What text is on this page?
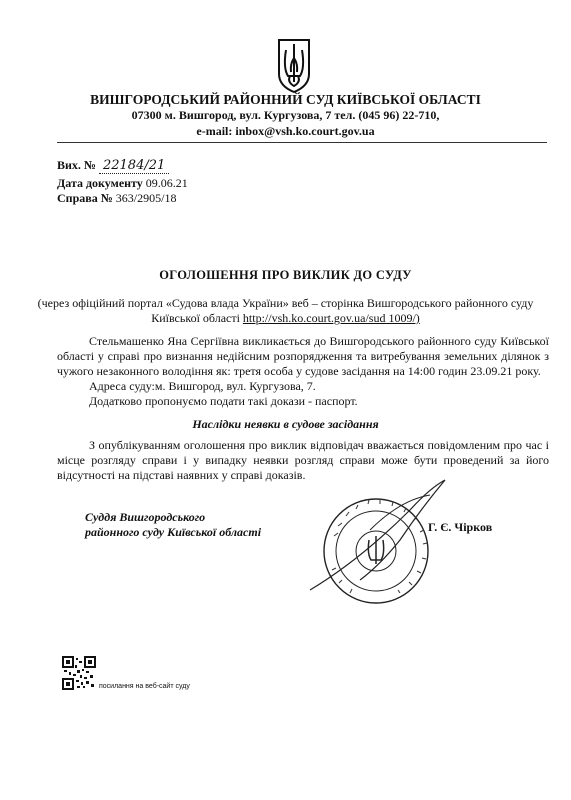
ВИШГОРОДСЬКИЙ РАЙОННИЙ СУД КИЇВСЬКОЇ ОБЛАСТІ
07300 м. Вишгород, вул. Кургузова, 7 тел. (045 96) 22-710,
e-mail: inbox@vsh.ko.court.gov.ua
Вих. № 22184/21
Дата документу 09.06.21
Справа № 363/2905/18
ОГОЛОШЕННЯ ПРО ВИКЛИК ДО СУДУ
(через офіційний портал «Судова влада України» веб – сторінка Вишгородського районного суду
Київської області http://vsh.ko.court.gov.ua/sud 1009/)

Стельмашенко Яна Сергіївна викликається до Вишгородського районного суду Київської області у справі про визнання недійсним розпорядження та витребування земельних ділянок з чужого незаконного володіння як: третя особа у судове засідання на 14:00 годин 23.09.21 року.

Адреса суду:м. Вишгород, вул. Кургузова, 7.

Додатково пропонуємо подати такі докази - паспорт.

Наслідки неявки в судове засідання

З опублікуванням оголошення про виклик відповідач вважається повідомленим про час і місце розгляду справи і у випадку неявки розгляд справи може бути проведений за його відсутності на підставі наявних у справі доказів.

Суддя Вишгородського
районного суду Київської області	Г. Є. Чірков
посилання на веб-сайт суду
